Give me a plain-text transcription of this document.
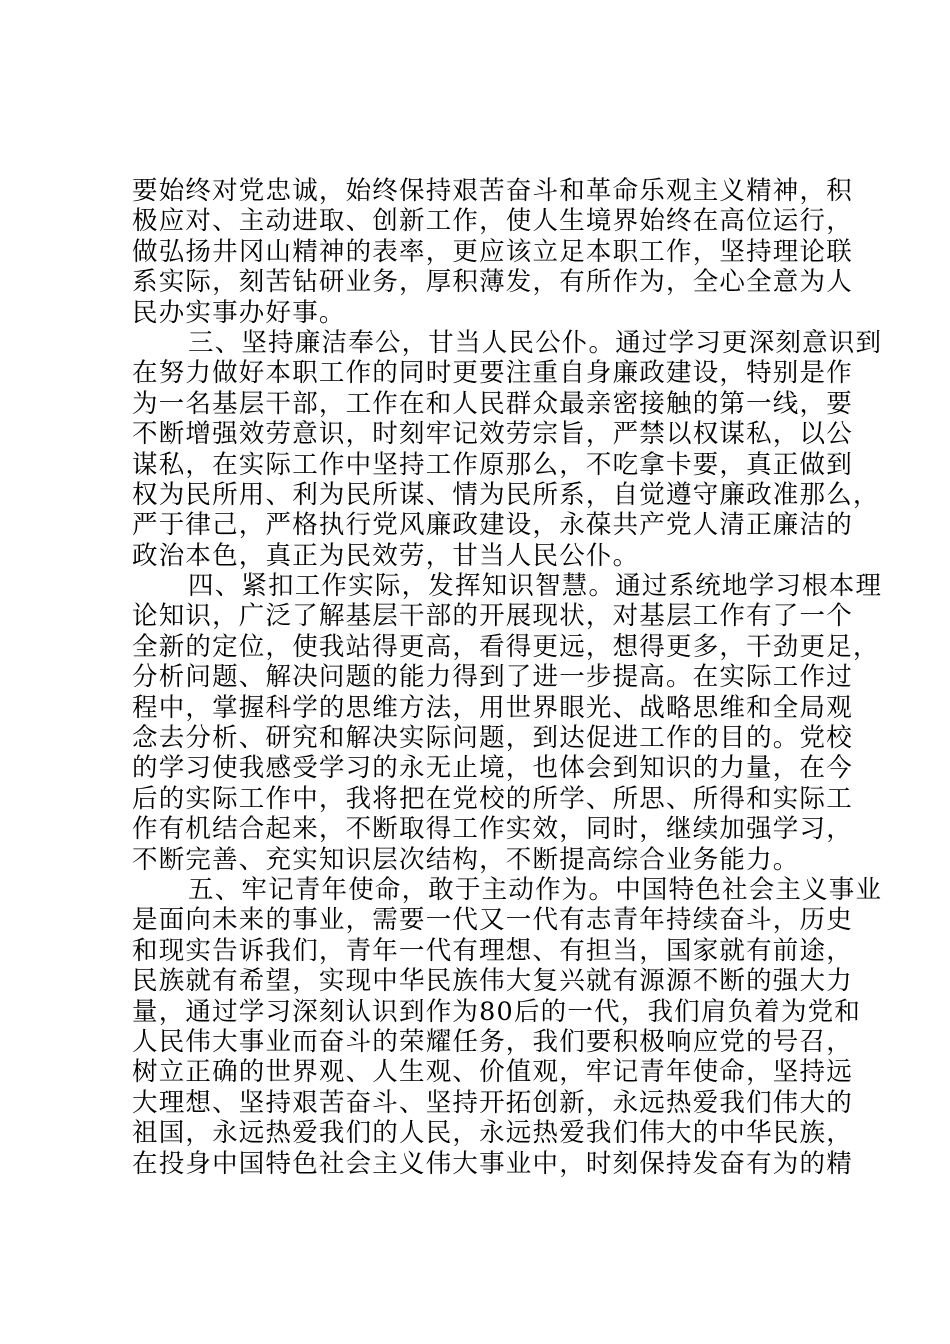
要始终对党忠诚，始终保持艰苦奋斗和革命乐观主义精神，积
极应对、主动进取、创新工作，使人生境界始终在高位运行，
做弘扬井冈山精神的表率，更应该立足本职工作，坚持理论联
系实际，刻苦钻研业务，厚积薄发，有所作为，全心全意为人
民办实事办好事。
三、坚持廉洁奉公，甘当人民公仆。通过学习更深刻意识到
在努力做好本职工作的同时更要注重自身廉政建设，特别是作
为一名基层干部，工作在和人民群众最亲密接触的第一线，要
不断增强效劳意识，时刻牢记效劳宗旨，严禁以权谋私，以公
谋私，在实际工作中坚持工作原那么，不吃拿卡要，真正做到
权为民所用、利为民所谋、情为民所系，自觉遵守廉政准那么，
严于律己，严格执行党风廉政建设，永葆共产党人清正廉洁的
政治本色，真正为民效劳，甘当人民公仆。
四、紧扣工作实际，发挥知识智慧。通过系统地学习根本理
论知识，广泛了解基层干部的开展现状，对基层工作有了一个
全新的定位，使我站得更高，看得更远，想得更多，干劲更足，
分析问题、解决问题的能力得到了进一步提高。在实际工作过
程中，掌握科学的思维方法，用世界眼光、战略思维和全局观
念去分析、研究和解决实际问题，到达促进工作的目的。党校
的学习使我感受学习的永无止境，也体会到知识的力量，在今
后的实际工作中，我将把在党校的所学、所思、所得和实际工
作有机结合起来，不断取得工作实效，同时，继续加强学习，
不断完善、充实知识层次结构，不断提高综合业务能力。
五、牢记青年使命，敢于主动作为。中国特色社会主义事业
是面向未来的事业，需要一代又一代有志青年持续奋斗，历史
和现实告诉我们，青年一代有理想、有担当，国家就有前途，
民族就有希望，实现中华民族伟大复兴就有源源不断的强大力
量，通过学习深刻认识到作为80后的一代，我们肩负着为党和
人民伟大事业而奋斗的荣耀任务，我们要积极响应党的号召，
树立正确的世界观、人生观、价值观，牢记青年使命，坚持远
大理想、坚持艰苦奋斗、坚持开拓创新，永远热爱我们伟大的
祖国，永远热爱我们的人民，永远热爱我们伟大的中华民族，
在投身中国特色社会主义伟大事业中，时刻保持发奋有为的精
